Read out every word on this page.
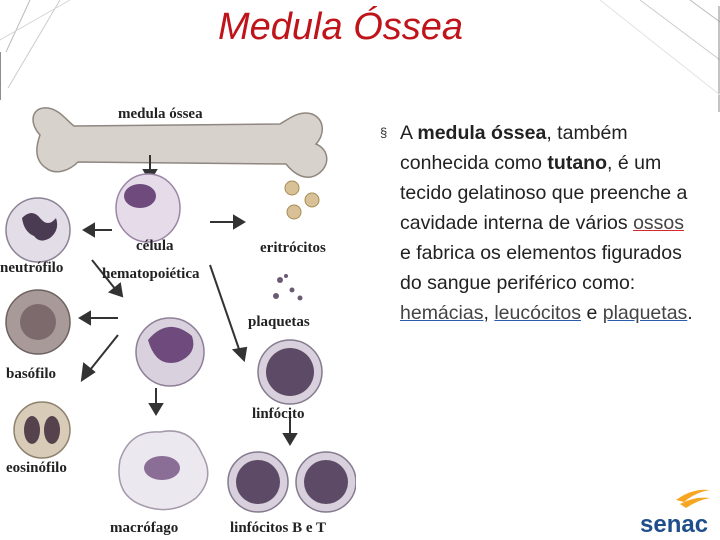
Medula Óssea
medula óssea
célula
hematopoiética
eritrócitos
plaquetas
neutrófilo
basófilo
eosinófilo
linfócito
macrófago	linfócitos B e T
§ A medula óssea, também conhecida como tutano, é um tecido gelatinoso que preenche a cavidade interna de vários ossos e fabrica os elementos figurados do sangue periférico como: hemácias, leucócitos e plaquetas.
senac
